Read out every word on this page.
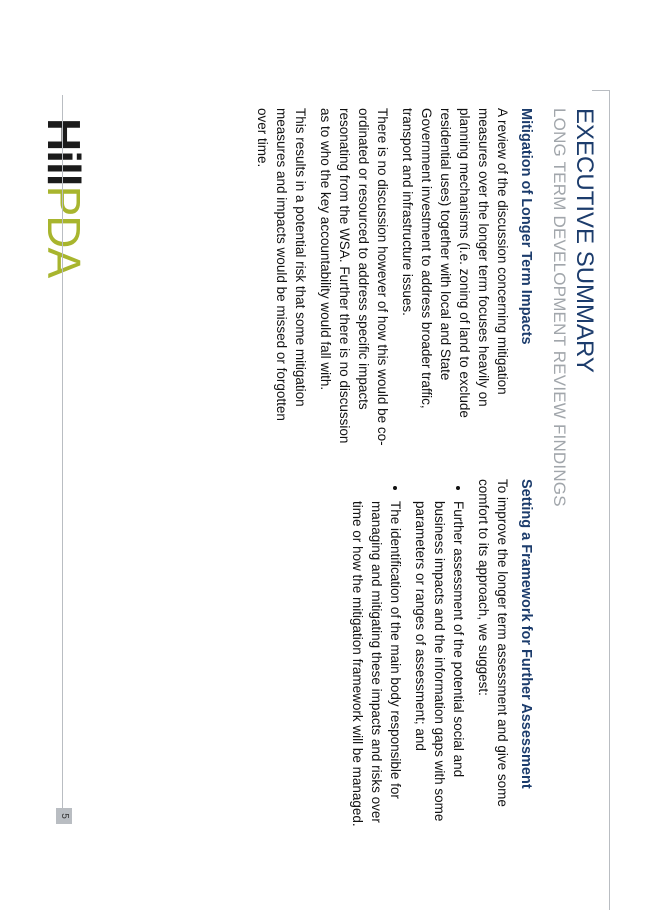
EXECUTIVE SUMMARY
LONG TERM DEVELOPMENT REVIEW FINDINGS
Mitigation of Longer Term Impacts

A review of the discussion concerning mitigation measures over the longer term focuses heavily on planning mechanisms (i.e. zoning of land to exclude residential uses) together with local and State Government investment to address broader traffic, transport and infrastructure issues.

There is no discussion however of how this would be co-ordinated or resourced to address specific impacts resonating from the WSA. Further there is no discussion as to who the key accountability would fall with.

This results in a potential risk that some mitigation measures and impacts would be missed or forgotten over time.

Setting a Framework for Further Assessment

To improve the longer term assessment and give some comfort to its approach, we suggest:

• Further assessment of the potential social and business impacts and the information gaps with some parameters or ranges of assessment; and
• The identification of the main body responsible for managing and mitigating these impacts and risks over time or how the mitigation framework will be managed.
HillPDA
5
